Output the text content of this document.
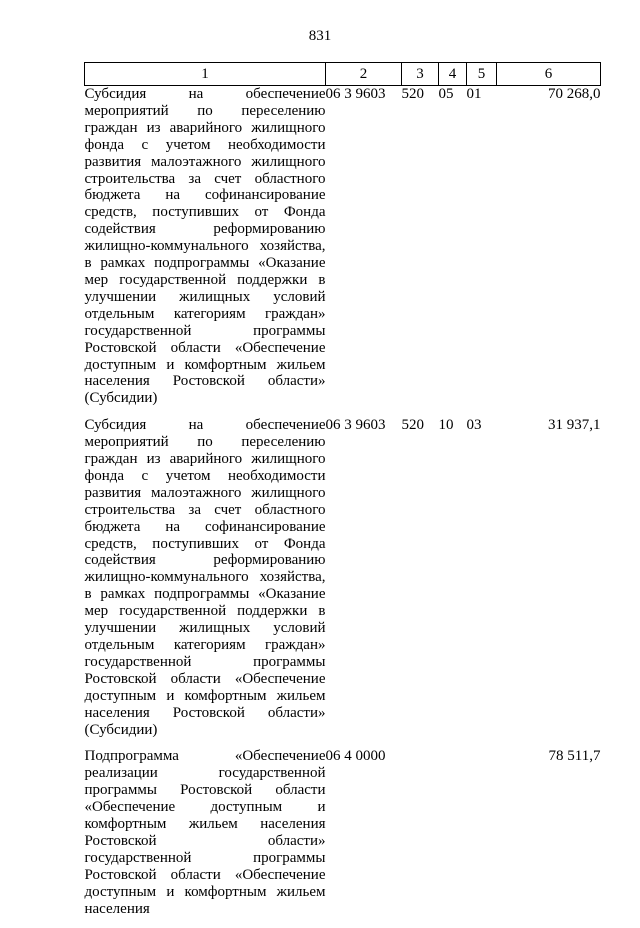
831
1	2	3	4	5	6

Субсидия на обеспечение мероприятий по переселению граждан из аварийного жилищного фонда с учетом необходимости развития малоэтажного жилищного строительства за счет областного бюджета на софинансирование средств, поступивших от Фонда содействия реформированию жилищно-коммунального хозяйства, в рамках подпрограммы «Оказание мер государственной поддержки в улучшении жилищных условий отдельным категориям граждан» государственной программы Ростовской области «Обеспечение доступным и комфортным жильем населения Ростовской области» (Субсидии)	06 3 9603	520	05	01	70 268,0

Субсидия на обеспечение мероприятий по переселению граждан из аварийного жилищного фонда с учетом необходимости развития малоэтажного жилищного строительства за счет областного бюджета на софинансирование средств, поступивших от Фонда содействия реформированию жилищно-коммунального хозяйства, в рамках подпрограммы «Оказание мер государственной поддержки в улучшении жилищных условий отдельным категориям граждан» государственной программы Ростовской области «Обеспечение доступным и комфортным жильем населения Ростовской области» (Субсидии)	06 3 9603	520	10	03	31 937,1

Подпрограмма «Обеспечение реализации государственной программы Ростовской области «Обеспечение доступным и комфортным жильем населения Ростовской области» государственной программы Ростовской области «Обеспечение доступным и комфортным жильем населения	06 4 0000				78 511,7
